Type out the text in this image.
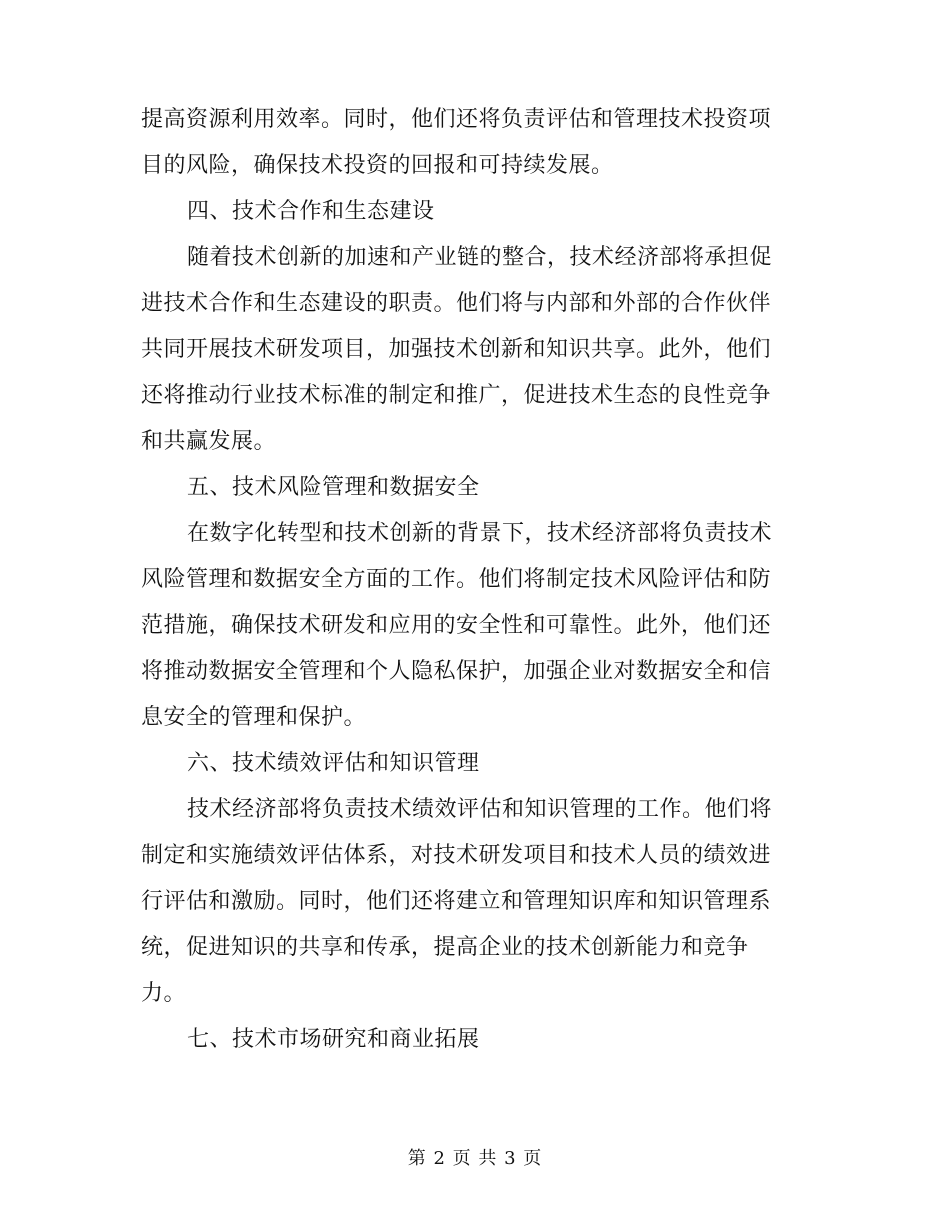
提高资源利用效率。同时，他们还将负责评估和管理技术投资项
目的风险，确保技术投资的回报和可持续发展。
四、技术合作和生态建设
随着技术创新的加速和产业链的整合，技术经济部将承担促
进技术合作和生态建设的职责。他们将与内部和外部的合作伙伴
共同开展技术研发项目，加强技术创新和知识共享。此外，他们
还将推动行业技术标准的制定和推广，促进技术生态的良性竞争
和共赢发展。
五、技术风险管理和数据安全
在数字化转型和技术创新的背景下，技术经济部将负责技术
风险管理和数据安全方面的工作。他们将制定技术风险评估和防
范措施，确保技术研发和应用的安全性和可靠性。此外，他们还
将推动数据安全管理和个人隐私保护，加强企业对数据安全和信
息安全的管理和保护。
六、技术绩效评估和知识管理
技术经济部将负责技术绩效评估和知识管理的工作。他们将
制定和实施绩效评估体系，对技术研发项目和技术人员的绩效进
行评估和激励。同时，他们还将建立和管理知识库和知识管理系
统，促进知识的共享和传承，提高企业的技术创新能力和竞争
力。
七、技术市场研究和商业拓展
第 2 页 共 3 页
